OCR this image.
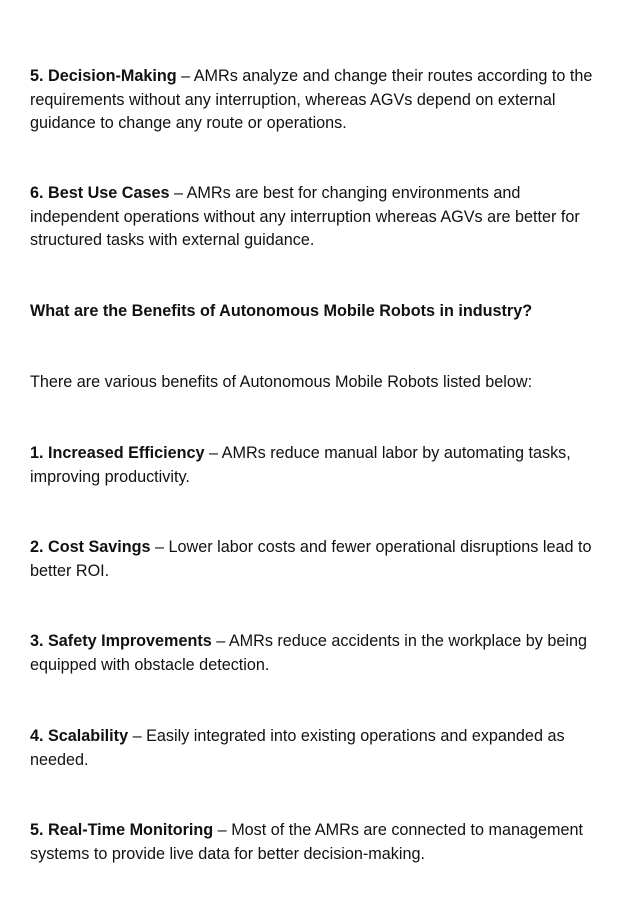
5. Decision-Making – AMRs analyze and change their routes according to the requirements without any interruption, whereas AGVs depend on external guidance to change any route or operations.

6. Best Use Cases – AMRs are best for changing environments and independent operations without any interruption whereas AGVs are better for structured tasks with external guidance.

What are the Benefits of Autonomous Mobile Robots in industry?

There are various benefits of Autonomous Mobile Robots listed below:

1. Increased Efficiency – AMRs reduce manual labor by automating tasks, improving productivity.

2. Cost Savings – Lower labor costs and fewer operational disruptions lead to better ROI.

3. Safety Improvements – AMRs reduce accidents in the workplace by being equipped with obstacle detection.

4. Scalability – Easily integrated into existing operations and expanded as needed.

5. Real-Time Monitoring – Most of the AMRs are connected to management systems to provide live data for better decision-making.
